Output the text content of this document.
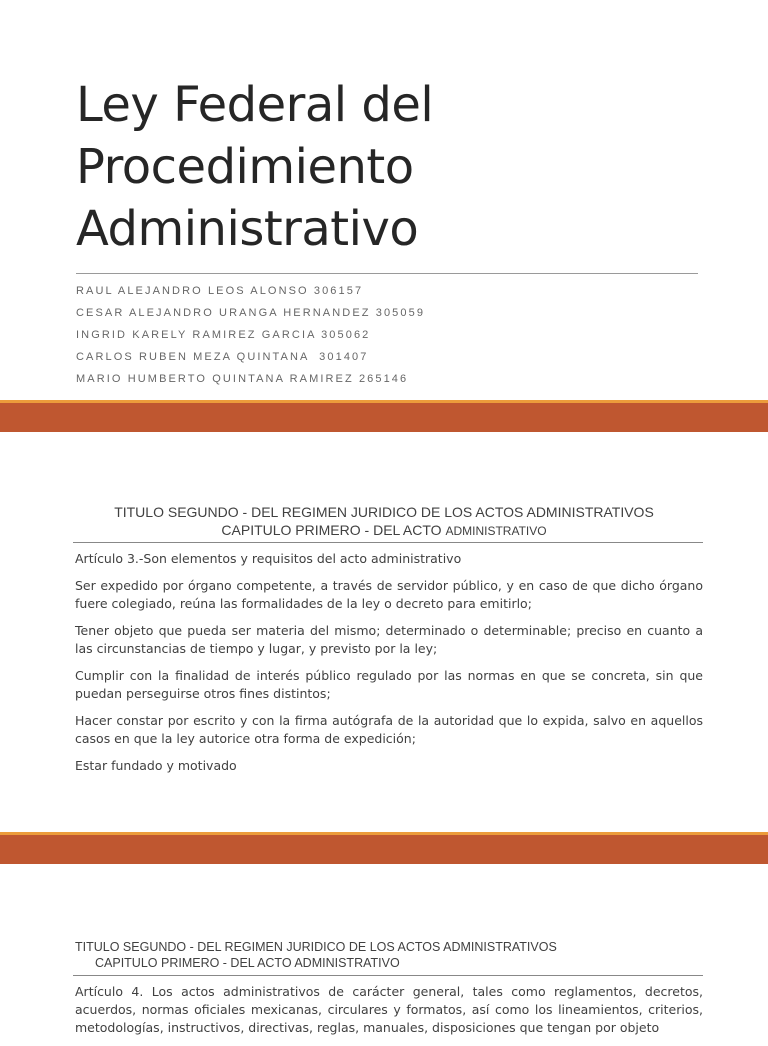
Ley Federal del
Procedimiento
Administrativo
RAUL ALEJANDRO LEOS ALONSO 306157
CESAR ALEJANDRO URANGA HERNANDEZ 305059
INGRID KARELY RAMIREZ GARCIA 305062
CARLOS RUBEN MEZA QUINTANA  301407
MARIO HUMBERTO QUINTANA RAMIREZ 265146
TITULO SEGUNDO - DEL REGIMEN JURIDICO DE LOS ACTOS ADMINISTRATIVOS
CAPITULO PRIMERO - DEL ACTO ADMINISTRATIVO

Artículo 3.-Son elementos y requisitos del acto administrativo

Ser expedido por órgano competente, a través de servidor público, y en caso de que dicho órgano fuere colegiado, reúna las formalidades de la ley o decreto para emitirlo;

Tener objeto que pueda ser materia del mismo; determinado o determinable; preciso en cuanto a las circunstancias de tiempo y lugar, y previsto por la ley;

Cumplir con la finalidad de interés público regulado por las normas en que se concreta, sin que puedan perseguirse otros fines distintos;

Hacer constar por escrito y con la firma autógrafa de la autoridad que lo expida, salvo en aquellos casos en que la ley autorice otra forma de expedición;

Estar fundado y motivado

TITULO SEGUNDO - DEL REGIMEN JURIDICO DE LOS ACTOS ADMINISTRATIVOS
CAPITULO PRIMERO - DEL ACTO ADMINISTRATIVO

Artículo 4. Los actos administrativos de carácter general, tales como reglamentos, decretos, acuerdos, normas oficiales mexicanas, circulares y formatos, así como los lineamientos, criterios, metodologías, instructivos, directivas, reglas, manuales, disposiciones que tengan por objeto
